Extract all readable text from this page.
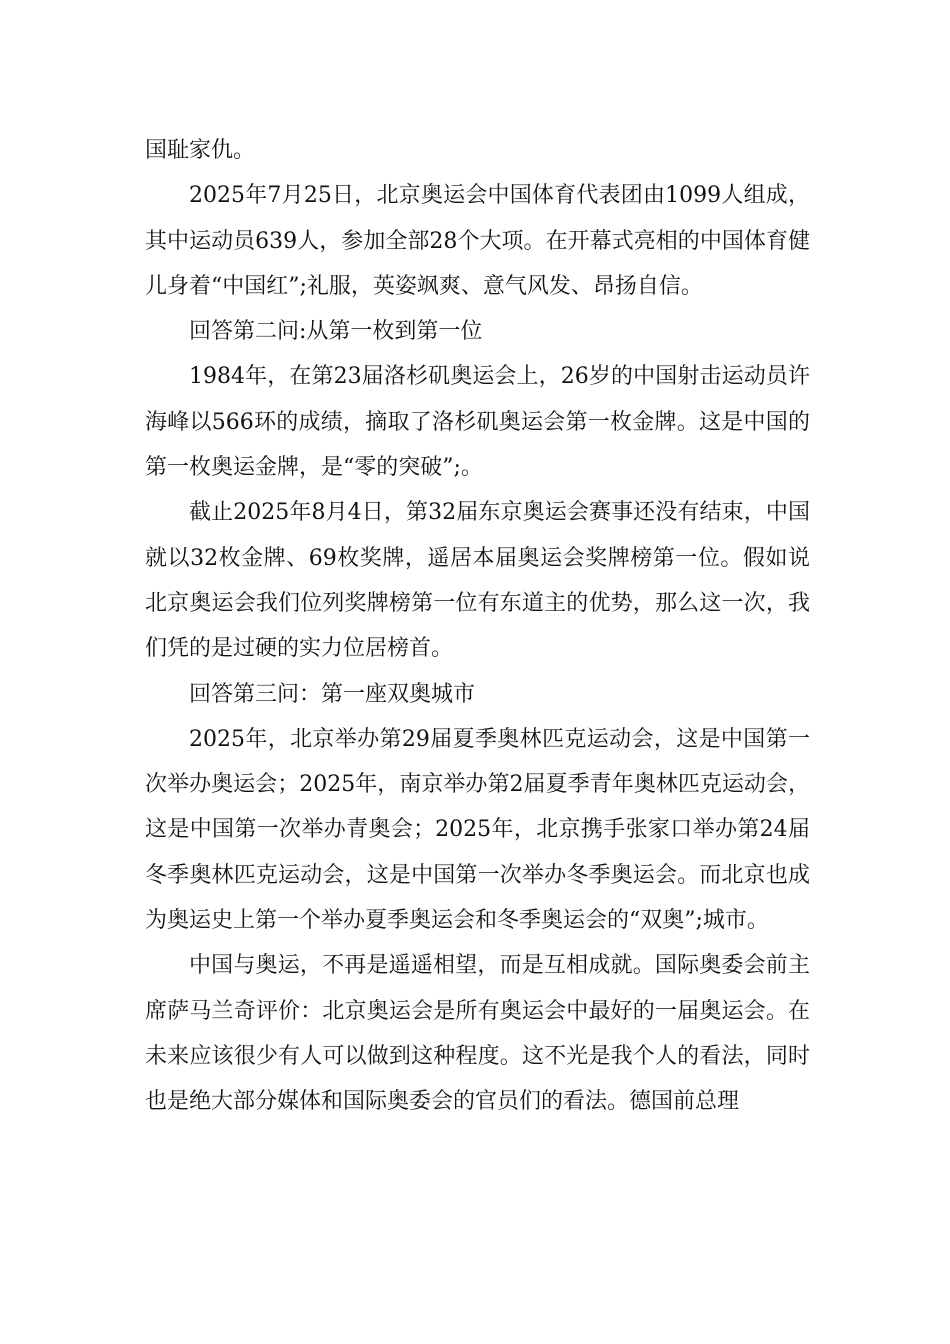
国耻家仇。

2025年7月25日，北京奥运会中国体育代表团由1099人组成，其中运动员639人，参加全部28个大项。在开幕式亮相的中国体育健儿身着“中国红”;礼服，英姿飒爽、意气风发、昂扬自信。

回答第二问:从第一枚到第一位

1984年，在第23届洛杉矶奥运会上，26岁的中国射击运动员许海峰以566环的成绩，摘取了洛杉矶奥运会第一枚金牌。这是中国的第一枚奥运金牌，是“零的突破”;。

截止2025年8月4日，第32届东京奥运会赛事还没有结束，中国就以32枚金牌、69枚奖牌，遥居本届奥运会奖牌榜第一位。假如说北京奥运会我们位列奖牌榜第一位有东道主的优势，那么这一次，我们凭的是过硬的实力位居榜首。

回答第三问：第一座双奥城市

2025年，北京举办第29届夏季奥林匹克运动会，这是中国第一次举办奥运会；2025年，南京举办第2届夏季青年奥林匹克运动会，这是中国第一次举办青奥会；2025年，北京携手张家口举办第24届冬季奥林匹克运动会，这是中国第一次举办冬季奥运会。而北京也成为奥运史上第一个举办夏季奥运会和冬季奥运会的“双奥”;城市。

中国与奥运，不再是遥遥相望，而是互相成就。国际奥委会前主席萨马兰奇评价：北京奥运会是所有奥运会中最好的一届奥运会。在未来应该很少有人可以做到这种程度。这不光是我个人的看法，同时也是绝大部分媒体和国际奥委会的官员们的看法。德国前总理
